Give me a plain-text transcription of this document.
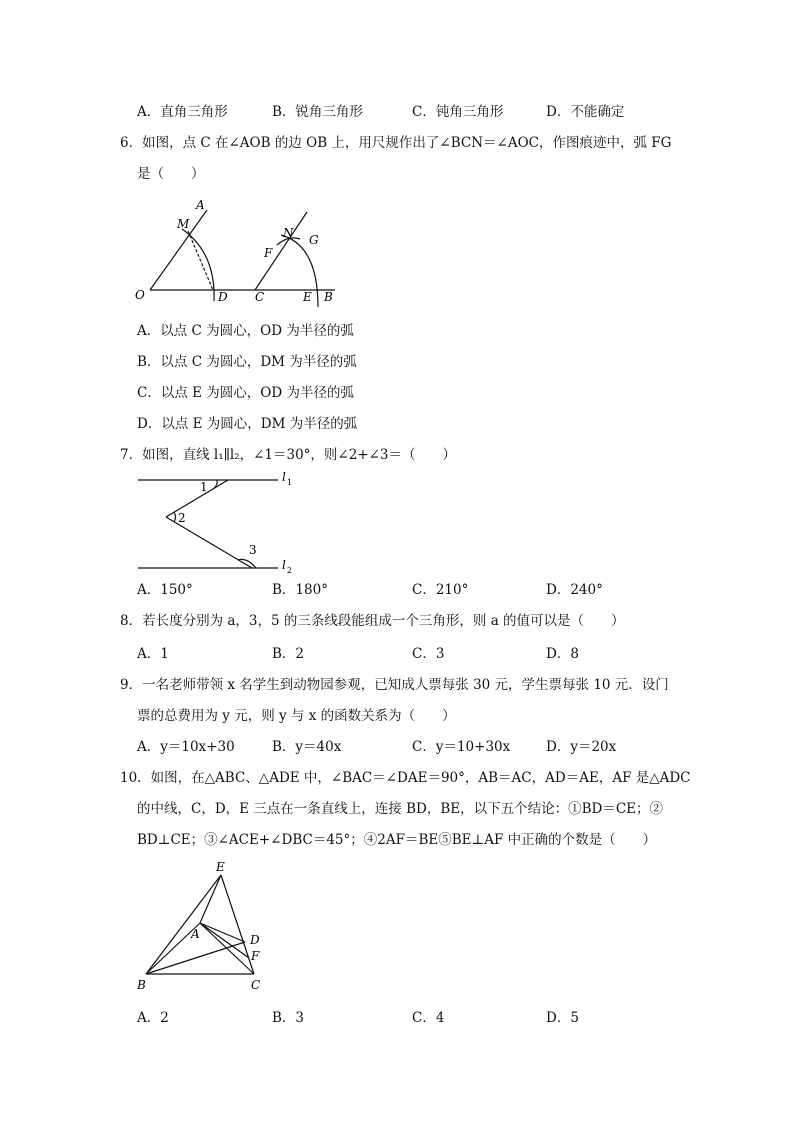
A．直角三角形	B．锐角三角形	C．钝角三角形	D．不能确定
6．如图，点 C 在∠AOB 的边 OB 上，用尺规作出了∠BCN＝∠AOC，作图痕迹中，弧 FG
是（　　）
A
M
O	D C
N
F
G
E B
A．以点 C 为圆心，OD 为半径的弧
B．以点 C 为圆心，DM 为半径的弧
C．以点 E 为圆心，OD 为半径的弧
D．以点 E 为圆心，DM 为半径的弧
7．如图，直线 l₁∥l₂，∠1＝30°，则∠2+∠3＝（　　）
1
2
3
l 1
l 2
A．150°	B．180°	C．210°	D．240°
8．若长度分别为 a，3，5 的三条线段能组成一个三角形，则 a 的值可以是（　　）
A．1	B．2	C．3	D．8
9．一名老师带领 x 名学生到动物园参观，已知成人票每张 30 元，学生票每张 10 元．设门
票的总费用为 y 元，则 y 与 x 的函数关系为（　　）
A．y＝10x+30	B．y＝40x	C．y＝10+30x	D．y＝20x
10．如图，在△ABC、△ADE 中，∠BAC＝∠DAE＝90°，AB＝AC，AD＝AE，AF 是△ADC
的中线，C，D，E 三点在一条直线上，连接 BD，BE，以下五个结论：①BD＝CE；②
BD⊥CE；③∠ACE+∠DBC＝45°；④2AF＝BE⑤BE⊥AF 中正确的个数是（　　）
E
A	D
F
B	C
A．2	B．3	C．4	D．5
